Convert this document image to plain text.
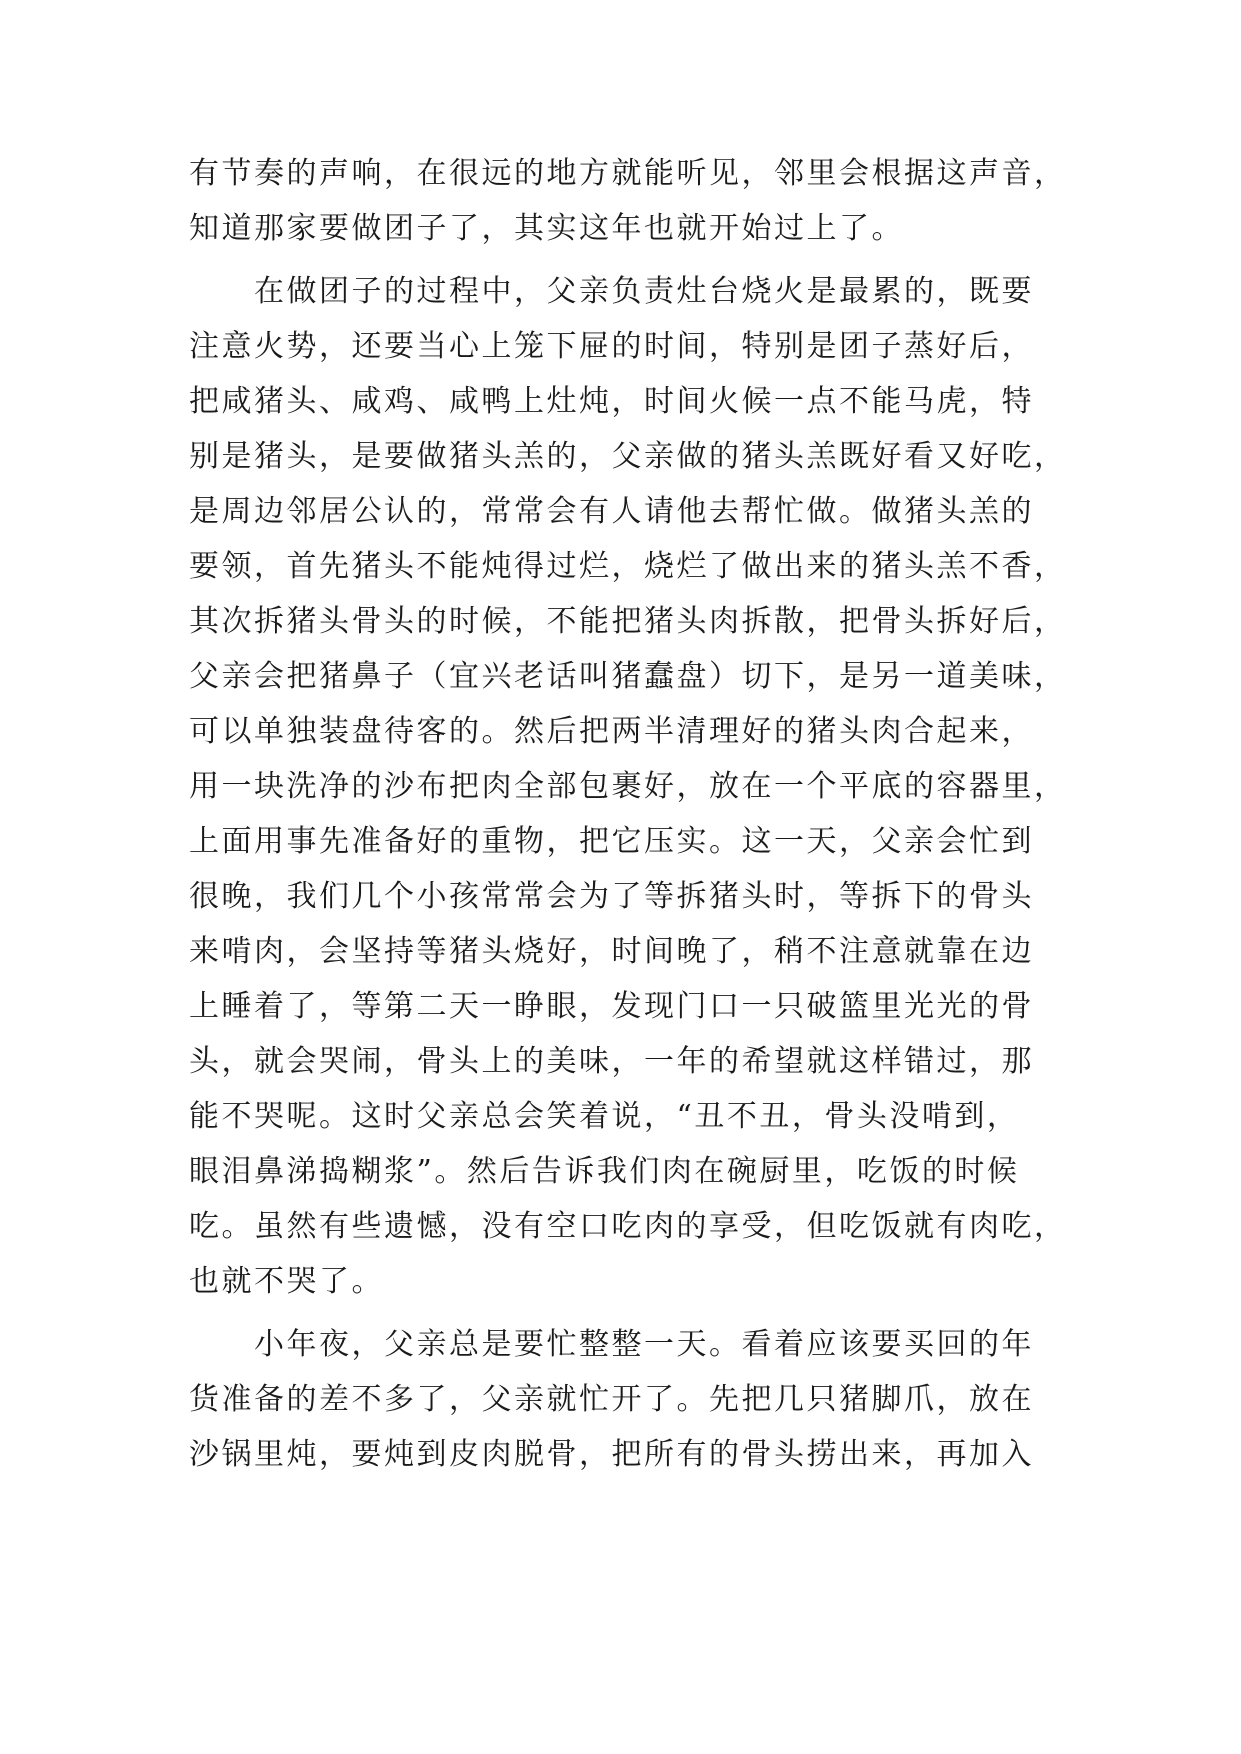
有节奏的声响，在很远的地方就能听见，邻里会根据这声音，
知道那家要做团子了，其实这年也就开始过上了。
　　在做团子的过程中，父亲负责灶台烧火是最累的，既要
注意火势，还要当心上笼下屉的时间，特别是团子蒸好后，
把咸猪头、咸鸡、咸鸭上灶炖，时间火候一点不能马虎，特
别是猪头，是要做猪头羔的，父亲做的猪头羔既好看又好吃，
是周边邻居公认的，常常会有人请他去帮忙做。做猪头羔的
要领，首先猪头不能炖得过烂，烧烂了做出来的猪头羔不香，
其次拆猪头骨头的时候，不能把猪头肉拆散，把骨头拆好后，
父亲会把猪鼻子（宜兴老话叫猪蠢盘）切下，是另一道美味，
可以单独装盘待客的。然后把两半清理好的猪头肉合起来，
用一块洗净的沙布把肉全部包裹好，放在一个平底的容器里，
上面用事先准备好的重物，把它压实。这一天，父亲会忙到
很晚，我们几个小孩常常会为了等拆猪头时，等拆下的骨头
来啃肉，会坚持等猪头烧好，时间晚了，稍不注意就靠在边
上睡着了，等第二天一睁眼，发现门口一只破篮里光光的骨
头，就会哭闹，骨头上的美味，一年的希望就这样错过，那
能不哭呢。这时父亲总会笑着说，“丑不丑，骨头没啃到，
眼泪鼻涕捣糊浆”。然后告诉我们肉在碗厨里，吃饭的时候
吃。虽然有些遗憾，没有空口吃肉的享受，但吃饭就有肉吃，
也就不哭了。
　　小年夜，父亲总是要忙整整一天。看着应该要买回的年
货准备的差不多了，父亲就忙开了。先把几只猪脚爪，放在
沙锅里炖，要炖到皮肉脱骨，把所有的骨头捞出来，再加入
